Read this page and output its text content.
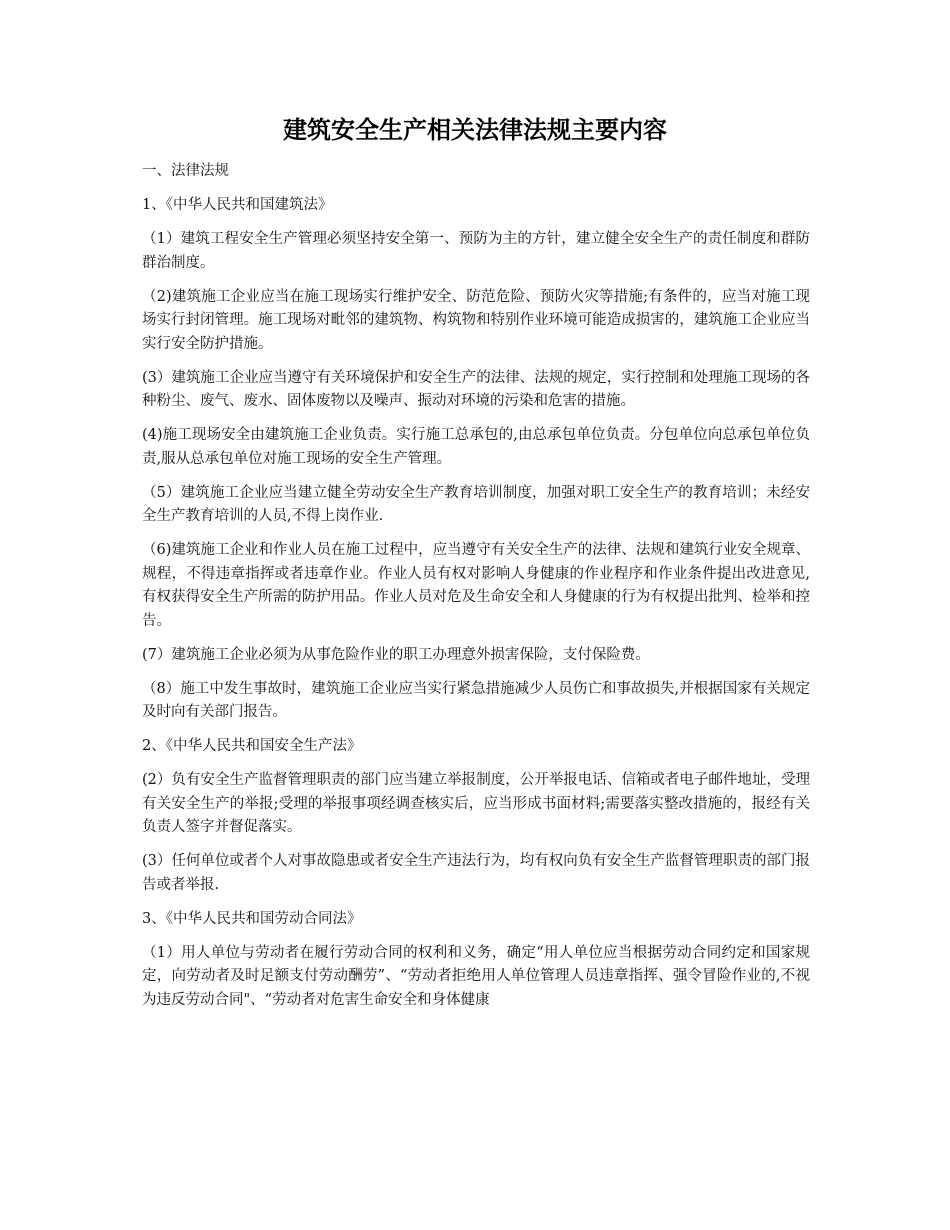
建筑安全生产相关法律法规主要内容

一、法律法规

1、《中华人民共和国建筑法》

（1）建筑工程安全生产管理必须坚持安全第一、预防为主的方针，建立健全安全生产的责任制度和群防群治制度。

（2)建筑施工企业应当在施工现场实行维护安全、防范危险、预防火灾等措施;有条件的，应当对施工现场实行封闭管理。施工现场对毗邻的建筑物、构筑物和特别作业环境可能造成损害的，建筑施工企业应当实行安全防护措施。

(3）建筑施工企业应当遵守有关环境保护和安全生产的法律、法规的规定，实行控制和处理施工现场的各种粉尘、废气、废水、固体废物以及噪声、振动对环境的污染和危害的措施。

(4)施工现场安全由建筑施工企业负责。实行施工总承包的,由总承包单位负责。分包单位向总承包单位负责,服从总承包单位对施工现场的安全生产管理。

（5）建筑施工企业应当建立健全劳动安全生产教育培训制度，加强对职工安全生产的教育培训；未经安全生产教育培训的人员,不得上岗作业.

（6)建筑施工企业和作业人员在施工过程中，应当遵守有关安全生产的法律、法规和建筑行业安全规章、规程，不得违章指挥或者违章作业。作业人员有权对影响人身健康的作业程序和作业条件提出改进意见,有权获得安全生产所需的防护用品。作业人员对危及生命安全和人身健康的行为有权提出批判、检举和控告。

(7）建筑施工企业必须为从事危险作业的职工办理意外损害保险，支付保险费。

（8）施工中发生事故时，建筑施工企业应当实行紧急措施减少人员伤亡和事故损失,并根据国家有关规定及时向有关部门报告。

2、《中华人民共和国安全生产法》

(2）负有安全生产监督管理职责的部门应当建立举报制度，公开举报电话、信箱或者电子邮件地址，受理有关安全生产的举报;受理的举报事项经调查核实后，应当形成书面材料;需要落实整改措施的，报经有关负责人签字并督促落实。

(3）任何单位或者个人对事故隐患或者安全生产违法行为，均有权向负有安全生产监督管理职责的部门报告或者举报.

3、《中华人民共和国劳动合同法》

（1）用人单位与劳动者在履行劳动合同的权利和义务，确定“用人单位应当根据劳动合同约定和国家规定，向劳动者及时足额支付劳动酬劳”、“劳动者拒绝用人单位管理人员违章指挥、强令冒险作业的,不视为违反劳动合同"、“劳动者对危害生命安全和身体健康
